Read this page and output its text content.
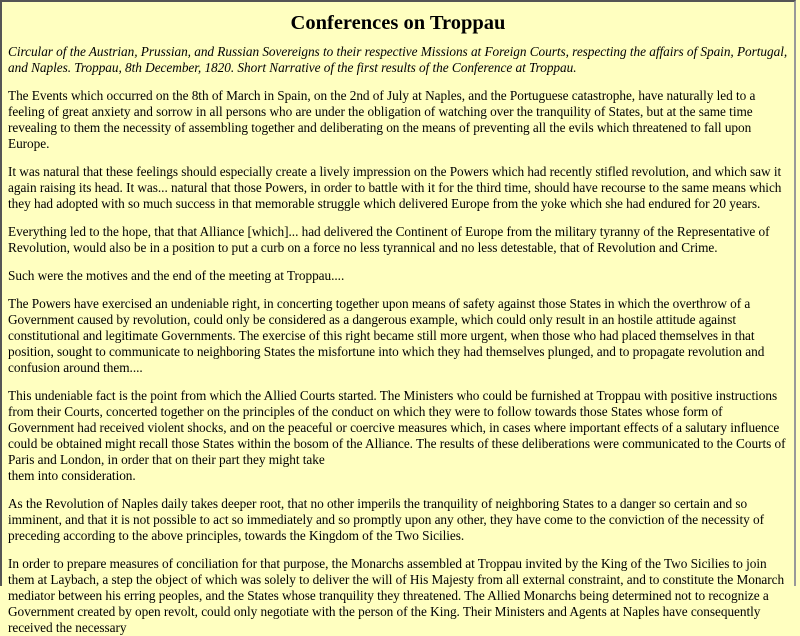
Conferences on Troppau

Circular of the Austrian, Prussian, and Russian Sovereigns to their respective Missions at Foreign Courts, respecting the affairs of Spain, Portugal, and Naples. Troppau, 8th December, 1820. Short Narrative of the first results of the Conference at Troppau.

The Events which occurred on the 8th of March in Spain, on the 2nd of July at Naples, and the Portuguese catastrophe, have naturally led to a feeling of great anxiety and sorrow in all persons who are under the obligation of watching over the tranquility of States, but at the same time revealing to them the necessity of assembling together and deliberating on the means of preventing all the evils which threatened to fall upon Europe.

It was natural that these feelings should especially create a lively impression on the Powers which had recently stifled revolution, and which saw it again raising its head. It was... natural that those Powers, in order to battle with it for the third time, should have recourse to the same means which they had adopted with so much success in that memorable struggle which delivered Europe from the yoke which she had endured for 20 years.

Everything led to the hope, that that Alliance [which]... had delivered the Continent of Europe from the military tyranny of the Representative of Revolution, would also be in a position to put a curb on a force no less tyrannical and no less detestable, that of Revolution and Crime.

Such were the motives and the end of the meeting at Troppau....

The Powers have exercised an undeniable right, in concerting together upon means of safety against those States in which the overthrow of a Government caused by revolution, could only be considered as a dangerous example, which could only result in an hostile attitude against constitutional and legitimate Governments. The exercise of this right became still more urgent, when those who had placed themselves in that position, sought to communicate to neighboring States the misfortune into which they had themselves plunged, and to propagate revolution and confusion around them....

This undeniable fact is the point from which the Allied Courts started. The Ministers who could be furnished at Troppau with positive instructions from their Courts, concerted together on the principles of the conduct on which they were to follow towards those States whose form of Government had received violent shocks, and on the peaceful or coercive measures which, in cases where important effects of a salutary influence could be obtained might recall those States within the bosom of the Alliance. The results of these deliberations were communicated to the Courts of Paris and London, in order that on their part they might take
them into consideration.

As the Revolution of Naples daily takes deeper root, that no other imperils the tranquility of neighboring States to a danger so certain and so imminent, and that it is not possible to act so immediately and so promptly upon any other, they have come to the conviction of the necessity of preceding according to the above principles, towards the Kingdom of the Two Sicilies.

In order to prepare measures of conciliation for that purpose, the Monarchs assembled at Troppau invited by the King of the Two Sicilies to join them at Laybach, a step the object of which was solely to deliver the will of His Majesty from all external constraint, and to constitute the Monarch mediator between his erring peoples, and the States whose tranquility they threatened. The Allied Monarchs being determined not to recognize a Government created by open revolt, could only negotiate with the person of the King. Their Ministers and Agents at Naples have consequently received the necessary
